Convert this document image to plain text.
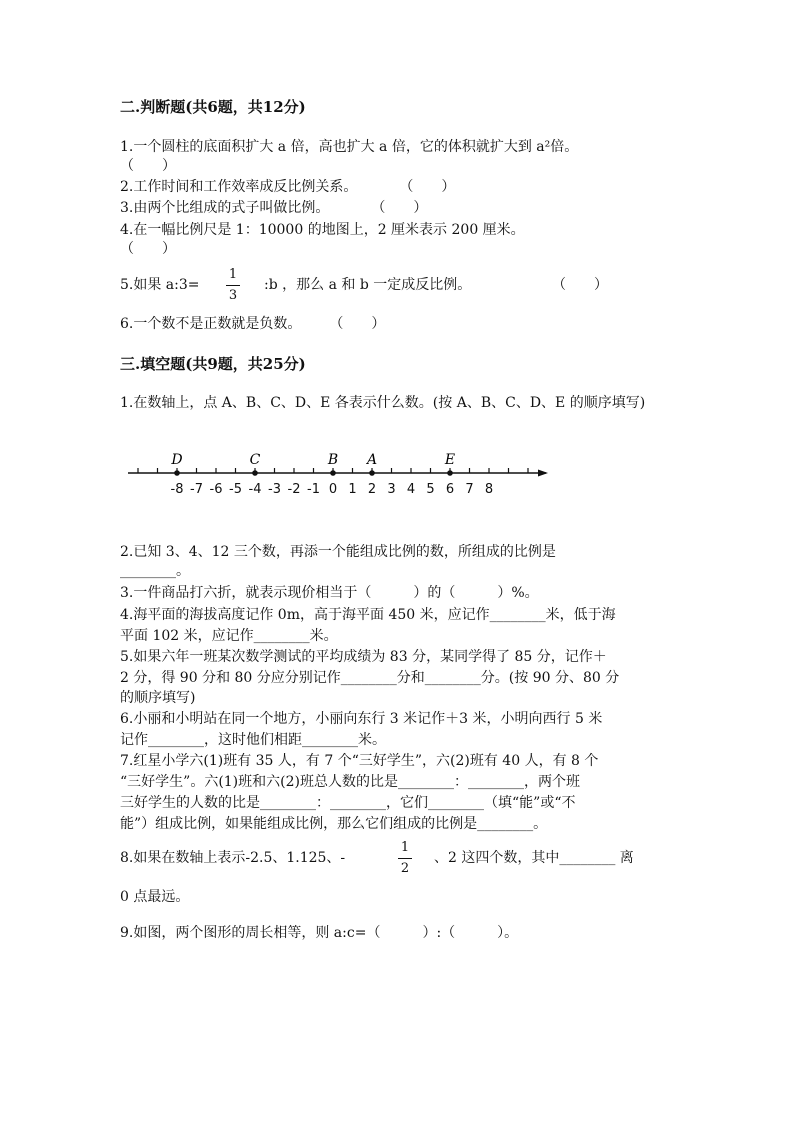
二.判断题(共6题，共12分)
1.一个圆柱的底面积扩大 a 倍，高也扩大 a 倍，它的体积就扩大到 a²倍。
（　　）
2.工作时间和工作效率成反比例关系。　　　　（　　）
3.由两个比组成的式子叫做比例。　　　　（　　）
4.在一幅比例尺是 1：10000 的地图上，2 厘米表示 200 厘米。
（　　）
5.如果 a:3=
1
3
:b ，那么 a 和 b 一定成反比例。	（　　）
6.一个数不是正数就是负数。　　　（　　）
三.填空题(共9题，共25分)
1.在数轴上，点 A、B、C、D、E 各表示什么数。(按 A、B、C、D、E 的顺序填写)
D	C	B A	E
-8 -7 -6 -5 -4 -3 -2 -1 0 1 2 3 4 5 6 7 8
2.已知 3、4、12 三个数，再添一个能组成比例的数，所组成的比例是
________。
3.一件商品打六折，就表示现价相当于（　　　）的（　　　）%。
4.海平面的海拔高度记作 0m，高于海平面 450 米，应记作________米，低于海
平面 102 米，应记作________米。
5.如果六年一班某次数学测试的平均成绩为 83 分，某同学得了 85 分，记作＋
2 分，得 90 分和 80 分应分别记作________分和________分。(按 90 分、80 分
的顺序填写)
6.小丽和小明站在同一个地方，小丽向东行 3 米记作＋3 米，小明向西行 5 米
记作________，这时他们相距________米。
7.红星小学六(1)班有 35 人，有 7 个“三好学生”，六(2)班有 40 人，有 8 个
“三好学生”。六(1)班和六(2)班总人数的比是________：________，两个班
三好学生的人数的比是________：________，它们________（填“能”或“不
能”）组成比例，如果能组成比例，那么它们组成的比例是________。
8.如果在数轴上表示-2.5、1.125、-
1
2
、2 这四个数，其中________ 离
0 点最远。
9.如图，两个图形的周长相等，则 a:c=（　　　）:（　　　）。
